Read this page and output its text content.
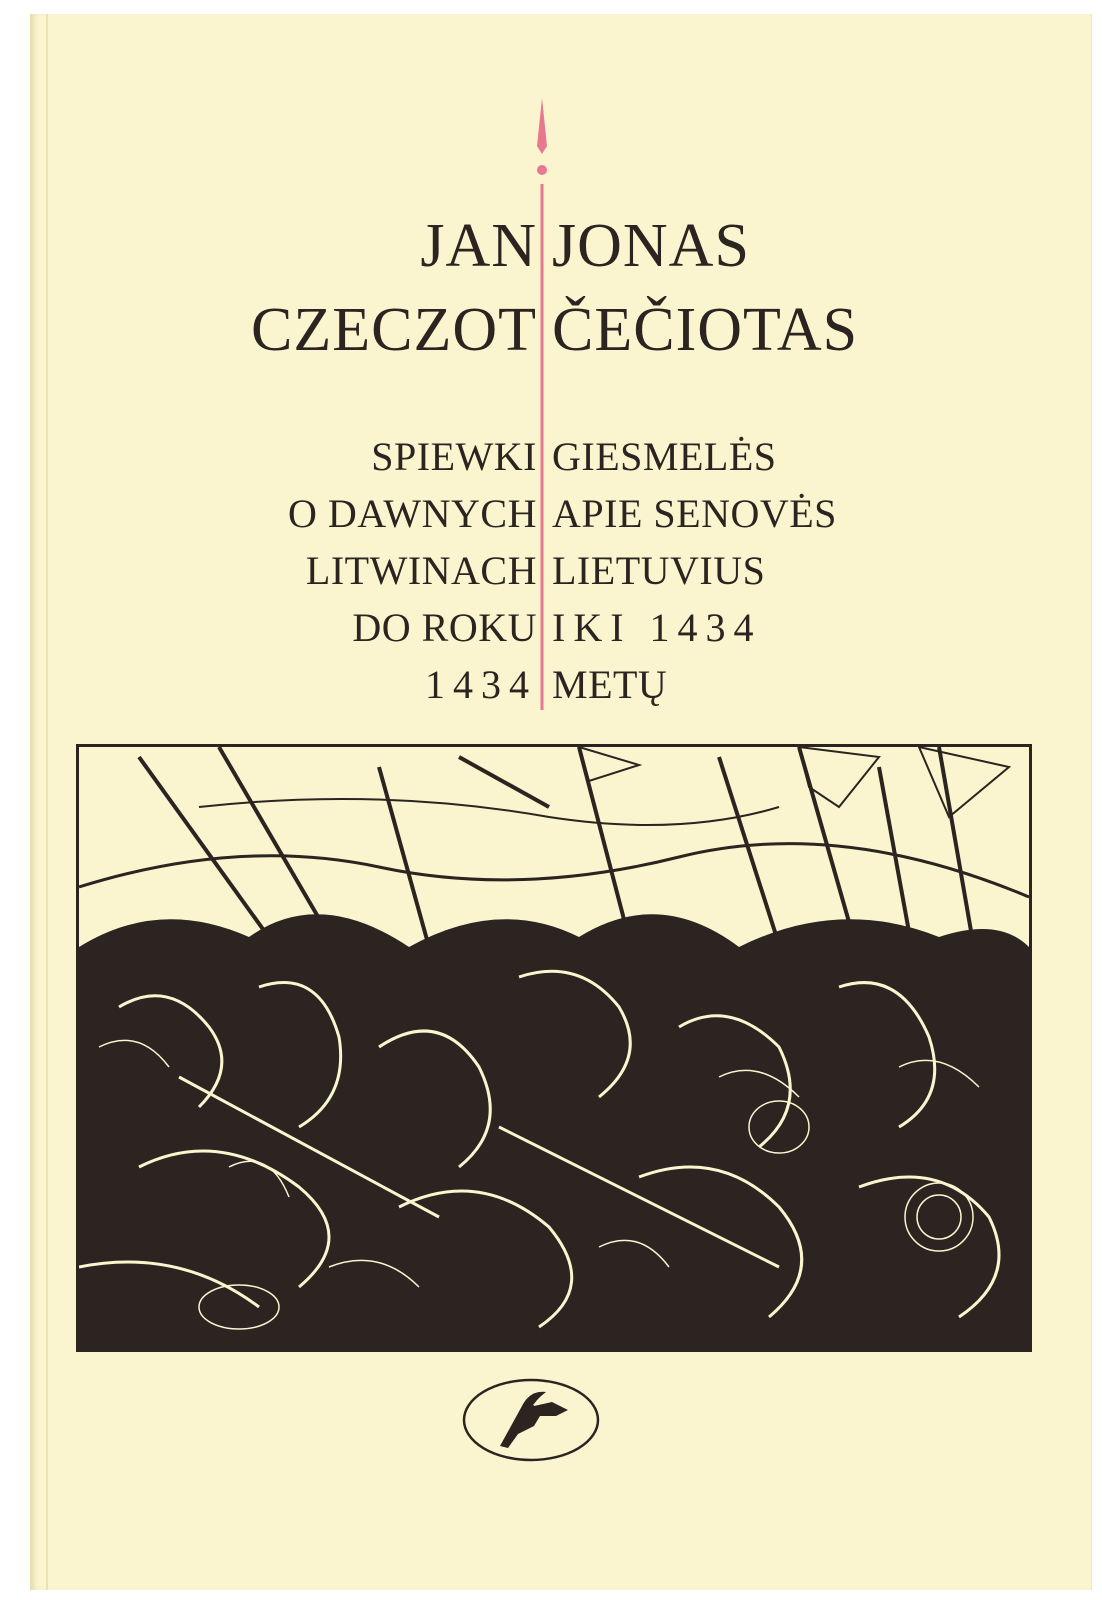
JAN
CZECZOT
SPIEWKI
O DAWNYCH
LITWINACH
DO ROKU
1434
JONAS
ČEČIOTAS
GIESMELĖS
APIE SENOVĖS
LIETUVIUS
IKI 1434
METŲ
